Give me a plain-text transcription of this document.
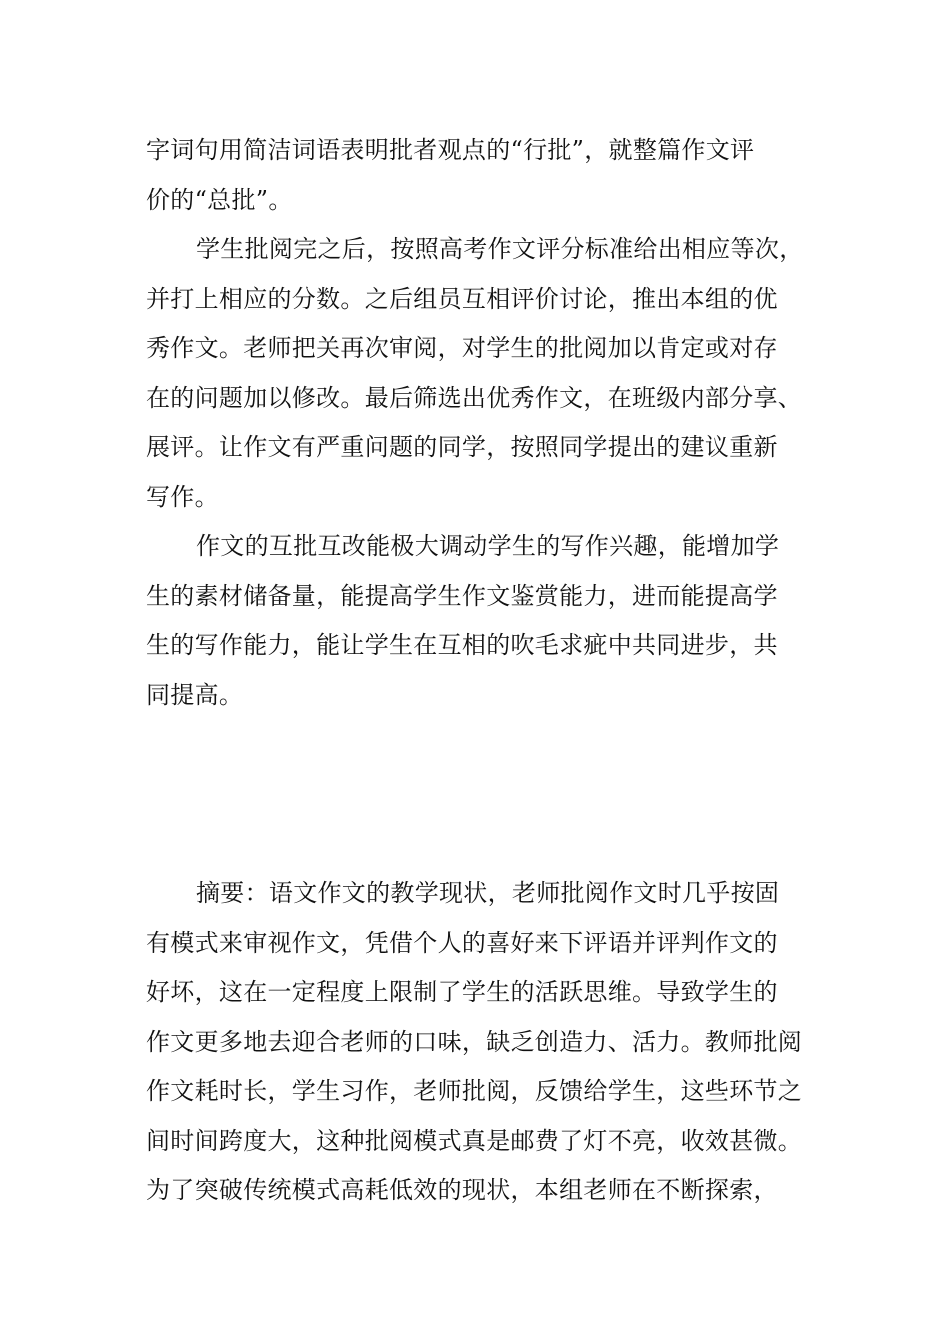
字词句用简洁词语表明批者观点的“行批”，就整篇作文评

价的“总批”。

学生批阅完之后，按照高考作文评分标准给出相应等次，

并打上相应的分数。之后组员互相评价讨论，推出本组的优

秀作文。老师把关再次审阅，对学生的批阅加以肯定或对存

在的问题加以修改。最后筛选出优秀作文，在班级内部分享、

展评。让作文有严重问题的同学，按照同学提出的建议重新

写作。

作文的互批互改能极大调动学生的写作兴趣，能增加学

生的素材储备量，能提高学生作文鉴赏能力，进而能提高学

生的写作能力，能让学生在互相的吹毛求疵中共同进步，共

同提高。

摘要：语文作文的教学现状，老师批阅作文时几乎按固

有模式来审视作文，凭借个人的喜好来下评语并评判作文的

好坏，这在一定程度上限制了学生的活跃思维。导致学生的

作文更多地去迎合老师的口味，缺乏创造力、活力。教师批阅

作文耗时长，学生习作，老师批阅，反馈给学生，这些环节之

间时间跨度大，这种批阅模式真是邮费了灯不亮，收效甚微。

为了突破传统模式高耗低效的现状，本组老师在不断探索，
